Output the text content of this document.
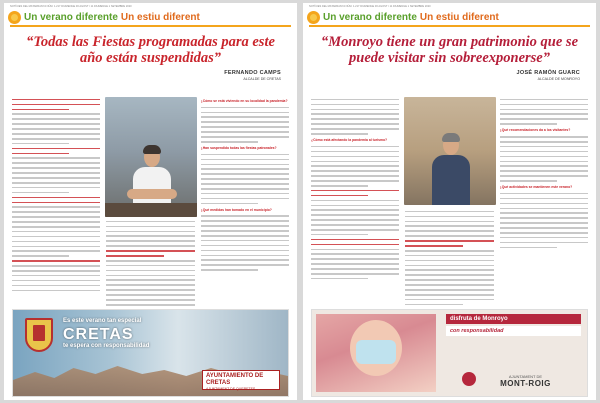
NOTÍCIES DEL MATARRANYA NÚM. 1.217 DIUMENGE 30 AGOST / 11 DIUMENGE 1 SETEMBRE 2020
Un verano diferente Un estiu diferent
“Todas las Fiestas programadas para este año están suspendidas”
FERNANDO CAMPS
ALCALDE DE CRETAS
¿Cómo se está viviendo en su localidad la pandemia?
¿Han suspendido todas las fiestas patronales?
¿Qué medidas han tomado en el municipio?
Es este verano tan especial
CRETAS
te espera con responsabilidad
AYUNTAMIENTO DE CRETAS
AJUNTAMENT DE QUERETES
NOTÍCIES DEL MATARRANYA NÚM. 1.217 DIUMENGE 30 AGOST / 11 DIUMENGE 1 SETEMBRE 2020
Un verano diferente Un estiu diferent
“Monroyo tiene un gran patrimonio que se puede visitar sin sobreexponerse”
JOSÉ RAMÓN GUARC
ALCALDE DE MONROYO
¿Cómo está afectando la pandemia al turismo?
¿Qué recomendaciones da a los visitantes?
¿Qué actividades se mantienen este verano?
disfruta de Monroyo
con responsabilidad
AJUNTAMENT DE
MONT-ROIG
